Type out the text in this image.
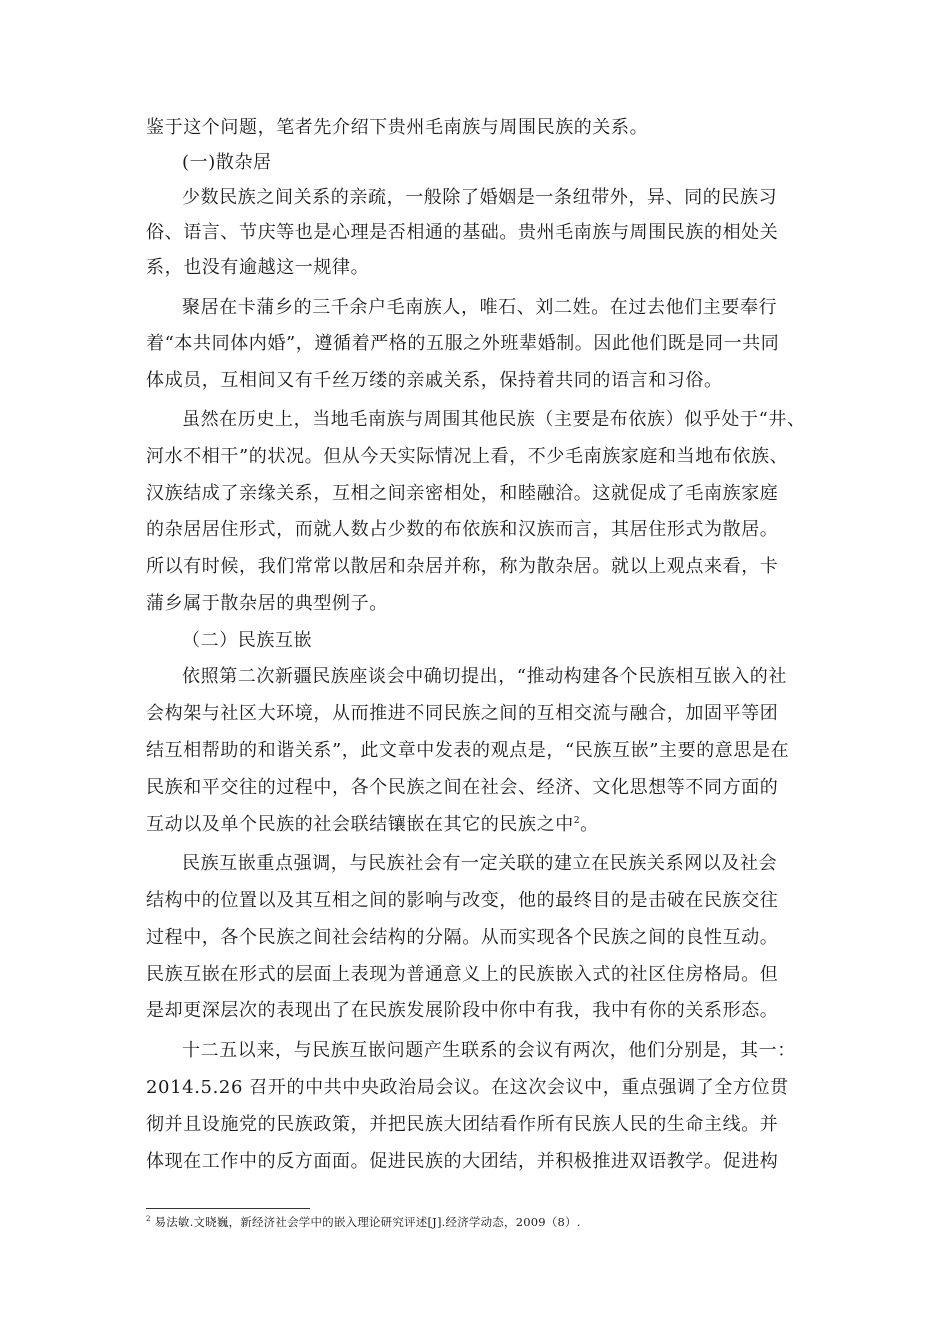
鉴于这个问题，笔者先介绍下贵州毛南族与周围民族的关系。
(一)散杂居
少数民族之间关系的亲疏，一般除了婚姻是一条纽带外，异、同的民族习
俗、语言、节庆等也是心理是否相通的基础。贵州毛南族与周围民族的相处关
系，也没有逾越这一规律。
聚居在卡蒲乡的三千余户毛南族人，唯石、刘二姓。在过去他们主要奉行
着“本共同体内婚”，遵循着严格的五服之外班辈婚制。因此他们既是同一共同
体成员，互相间又有千丝万缕的亲戚关系，保持着共同的语言和习俗。
虽然在历史上，当地毛南族与周围其他民族（主要是布依族）似乎处于“井、
河水不相干”的状况。但从今天实际情况上看，不少毛南族家庭和当地布依族、
汉族结成了亲缘关系，互相之间亲密相处，和睦融洽。这就促成了毛南族家庭
的杂居居住形式，而就人数占少数的布依族和汉族而言，其居住形式为散居。
所以有时候，我们常常以散居和杂居并称，称为散杂居。就以上观点来看，卡
蒲乡属于散杂居的典型例子。
（二）民族互嵌
依照第二次新疆民族座谈会中确切提出，“推动构建各个民族相互嵌入的社
会构架与社区大环境，从而推进不同民族之间的互相交流与融合，加固平等团
结互相帮助的和谐关系”，此文章中发表的观点是，“民族互嵌”主要的意思是在
民族和平交往的过程中，各个民族之间在社会、经济、文化思想等不同方面的
互动以及单个民族的社会联结镶嵌在其它的民族之中$^2$。
民族互嵌重点强调，与民族社会有一定关联的建立在民族关系网以及社会
结构中的位置以及其互相之间的影响与改变，他的最终目的是击破在民族交往
过程中，各个民族之间社会结构的分隔。从而实现各个民族之间的良性互动。
民族互嵌在形式的层面上表现为普通意义上的民族嵌入式的社区住房格局。但
是却更深层次的表现出了在民族发展阶段中你中有我，我中有你的关系形态。
十二五以来，与民族互嵌问题产生联系的会议有两次，他们分别是，其一：
2014.5.26 召开的中共中央政治局会议。在这次会议中，重点强调了全方位贯
彻并且设施党的民族政策，并把民族大团结看作所有民族人民的生命主线。并
体现在工作中的反方面面。促进民族的大团结，并积极推进双语教学。促进构
$^2$ 易法敏.文晓巍，新经济社会学中的嵌入理论研究评述[J].经济学动态，2009（8）.
